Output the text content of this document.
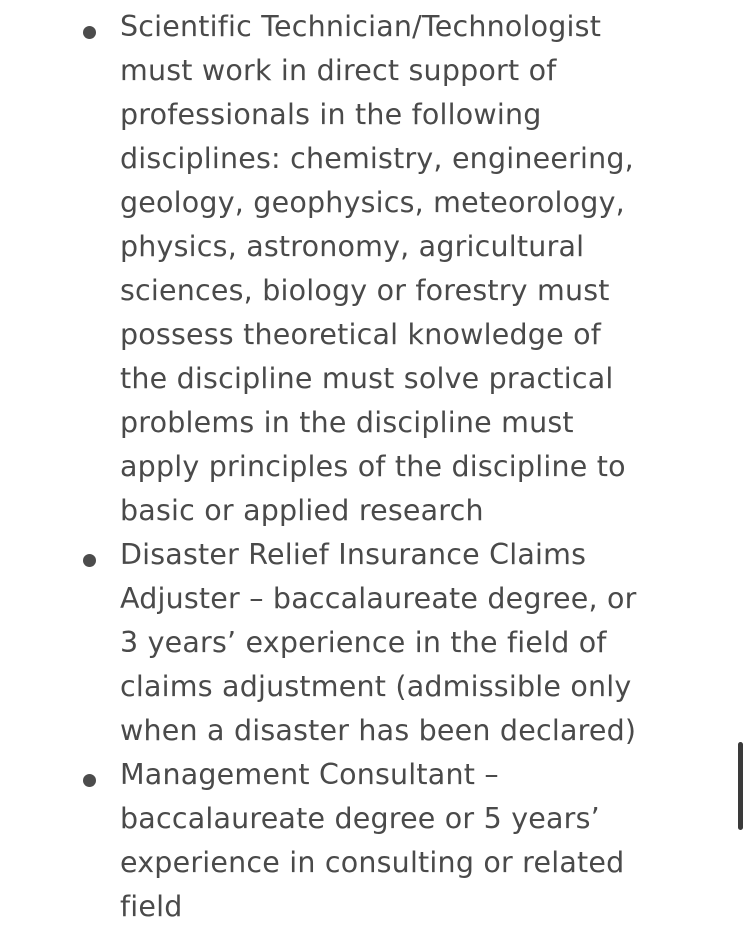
Scientific Technician/Technologist
must work in direct support of
professionals in the following
disciplines: chemistry, engineering,
geology, geophysics, meteorology,
physics, astronomy, agricultural
sciences, biology or forestry must
possess theoretical knowledge of
the discipline must solve practical
problems in the discipline must
apply principles of the discipline to
basic or applied research
Disaster Relief Insurance Claims
Adjuster – baccalaureate degree, or
3 years’ experience in the field of
claims adjustment (admissible only
when a disaster has been declared)
Management Consultant –
baccalaureate degree or 5 years’
experience in consulting or related
field
